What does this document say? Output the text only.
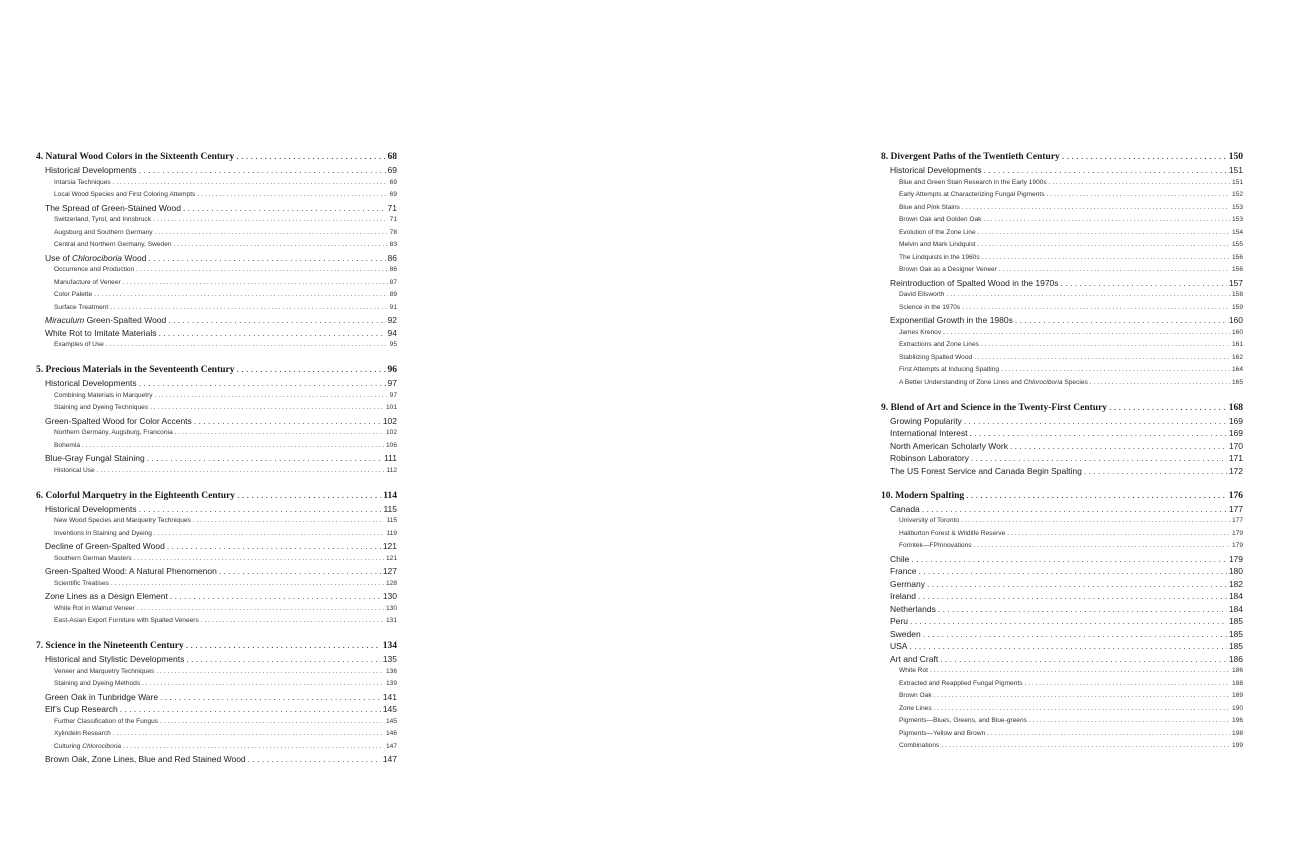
4. Natural Wood Colors in the Sixteenth Century . . .	68
Historical Developments . . .	69
Intarsia Techniques . . .	69
Local Wood Species and First Coloring Attempts . . .	69
The Spread of Green-Stained Wood . . .	71
Switzerland, Tyrol, and Innsbruck . . .	71
Augsburg and Southern Germany . . .	78
Central and Northern Germany, Sweden . . .	83
Use of Chlorociboria Wood . . .	86
Occurrence and Production . . .	86
Manufacture of Veneer . . .	87
Color Palette . . .	89
Surface Treatment . . .	91
Miraculum Green-Spalted Wood . . .	92
White Rot to Imitate Materials . . .	94
Examples of Use . . .	95
5. Precious Materials in the Seventeenth Century . . .	96
Historical Developments . . .	97
Combining Materials in Marquetry . . .	97
Staining and Dyeing Techniques . . .	101
Green-Spalted Wood for Color Accents . . .	102
Northern Germany, Augsburg, Franconia . . .	102
Bohemia . . .	106
Blue-Gray Fungal Staining . . .	111
Historical Use . . .	112
6. Colorful Marquetry in the Eighteenth Century . . .	114
Historical Developments . . .	115
New Wood Species and Marquetry Techniques . . .	115
Inventions in Staining and Dyeing . . .	119
Decline of Green-Spalted Wood . . .	121
Southern German Masters . . .	121
Green-Spalted Wood: A Natural Phenomenon . . .	127
Scientific Treatises . . .	128
Zone Lines as a Design Element . . .	130
White Rot in Walnut Veneer . . .	130
East-Asian Export Furniture with Spalted Veneers . . .	131
7. Science in the Nineteenth Century . . .	134
Historical and Stylistic Developments . . .	135
Veneer and Marquetry Techniques . . .	136
Staining and Dyeing Methods . . .	139
Green Oak in Tunbridge Ware . . .	141
Elf’s Cup Research . . .	145
Further Classification of the Fungus . . .	145
Xylindein Research . . .	146
Culturing Chlorociboria . . .	147
Brown Oak, Zone Lines, Blue and Red Stained Wood . . .	147
8. Divergent Paths of the Twentieth Century . . .	150
Historical Developments . . .	151
Blue and Green Stain Research in the Early 1900s . . .	151
Early Attempts at Characterizing Fungal Pigments . . .	152
Blue and Pink Stains . . .	153
Brown Oak and Golden Oak . . .	153
Evolution of the Zone Line . . .	154
Melvin and Mark Lindquist . . .	155
The Lindquists in the 1960s . . .	156
Brown Oak as a Designer Veneer . . .	156
Reintroduction of Spalted Wood in the 1970s . . .	157
David Ellsworth . . .	158
Science in the 1970s . . .	159
Exponential Growth in the 1980s . . .	160
James Krenov . . .	160
Extractions and Zone Lines . . .	161
Stabilizing Spalted Wood . . .	162
First Attempts at Inducing Spalting . . .	164
A Better Understanding of Zone Lines and Chlorociboria Species . . .	165
9. Blend of Art and Science in the Twenty-First Century . . .	168
Growing Popularity . . .	169
International Interest . . .	169
North American Scholarly Work . . .	170
Robinson Laboratory . . .	171
The US Forest Service and Canada Begin Spalting . . .	172
10. Modern Spalting . . .	176
Canada . . .	177
University of Toronto . . .	177
Haliburton Forest & Wildlife Reserve . . .	179
Forintek—FPInnovations . . .	179
Chile . . .	179
France . . .	180
Germany . . .	182
Ireland . . .	184
Netherlands . . .	184
Peru . . .	185
Sweden . . .	185
USA . . .	185
Art and Craft . . .	186
White Rot . . .	186
Extracted and Reapplied Fungal Pigments . . .	188
Brown Oak . . .	189
Zone Lines . . .	190
Pigments—Blues, Greens, and Blue-greens . . .	196
Pigments—Yellow and Brown . . .	198
Combinations . . .	199
